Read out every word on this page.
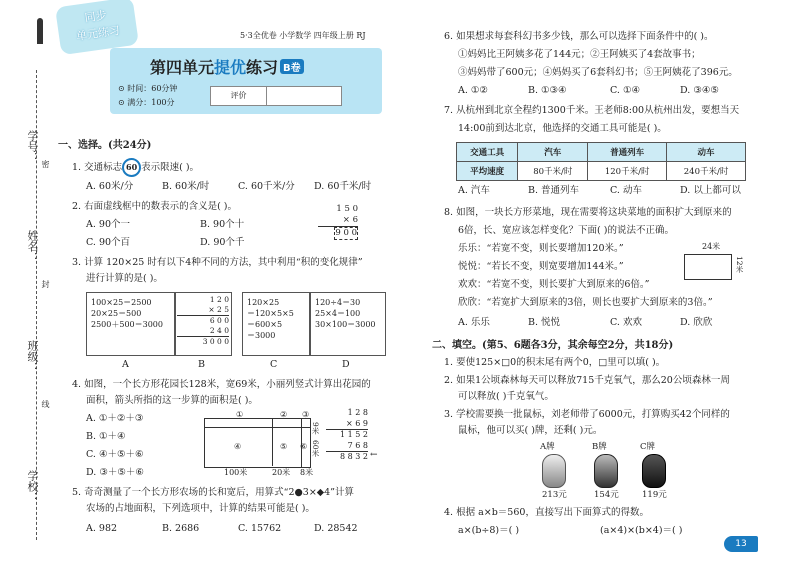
学号：
姓名：
班级：
学校：
密
封
线
同步
单元练习	5·3全优卷 小学数学 四年级上册 RJ
第四单元提优练习 B卷
⊙ 时间：60分钟
⊙ 满分：100分
评价
一、选择。(共24分)
1. 交通标志 60 表示限速( )。
A. 60米/分	B. 60米/时	C. 60千米/分 D. 60千米/时
2. 右面虚线框中的数表示的含义是( )。
A. 90个一	B. 90个十
C. 90个百	D. 90个千
1 5 0
× 6
9 0 0
3. 计算 120×25 时有以下4种不同的方法，其中利用“积的变化规律”
进行计算的是( )。
100×25＝2500
20×25＝500
2500＋500＝3000
1 2 0
× 2 5
6 0 0
2 4 0
3 0 0 0
120×25
＝120×5×5
＝600×5
＝3000
120÷4＝30
25×4＝100
30×100＝3000
A	B	C	D
4. 如图，一个长方形花园长128米，宽69米，小丽列竖式计算出花园的
面积，箭头所指的这一步算的面积是( )。
A. ①＋②＋③
B. ①＋④
C. ④＋⑤＋⑥
D. ③＋⑤＋⑥
①	② ③
④	⑤ ⑥
100米	20米 8米
9米
60米
1 2 8
× 6 9
1 1 5 2
7 6 8
8 8 3 2 ←
5. 奇奇测量了一个长方形农场的长和宽后，用算式“2●3×◆4”计算
农场的占地面积，下列选项中，计算的结果可能是( )。
A. 982	B. 2686	C. 15762	D. 28542
6. 如果想求每套科幻书多少钱，那么可以选择下面条件中的( )。
①妈妈比王阿姨多花了144元；②王阿姨买了4套故事书；
③妈妈带了600元；④妈妈买了6套科幻书；⑤王阿姨花了396元。
A. ①②	B. ①③④	C. ①④	D. ③④⑤
7. 从杭州到北京全程约1300千米。王老师8:00从杭州出发，要想当天
14:00前到达北京，他选择的交通工具可能是( )。
交通工具	汽车	普通列车	动车
平均速度	80千米/时	120千米/时	240千米/时
A. 汽车	B. 普通列车	C. 动车	D. 以上都可以
8. 如图，一块长方形菜地，现在需要将这块菜地的面积扩大到原来的
6倍，长、宽应该怎样变化？下面( )的说法不正确。
乐乐：“若宽不变，则长要增加120米。”
悦悦：“若长不变，则宽要增加144米。”
欢欢：“若宽不变，则长要扩大到原来的6倍。”
欣欣：“若宽扩大到原来的3倍，则长也要扩大到原来的3倍。”
24米
12米
A. 乐乐	B. 悦悦	C. 欢欢	D. 欣欣
二、填空。(第5、6题各3分，其余每空2分，共18分)
1. 要使125×□0的积末尾有两个0，□里可以填( )。
2. 如果1公顷森林每天可以释放715千克氧气，那么20公顷森林一周
可以释放( )千克氧气。
3. 学校需要换一批鼠标，刘老师带了6000元，打算购买42个同样的
鼠标，他可以买( )牌，还剩( )元。
A牌	B牌	C牌
213元	154元	119元
4. 根据 a×b＝560，直接写出下面算式的得数。
a×(b÷8)＝( )	(a×4)×(b×4)＝( )
13
